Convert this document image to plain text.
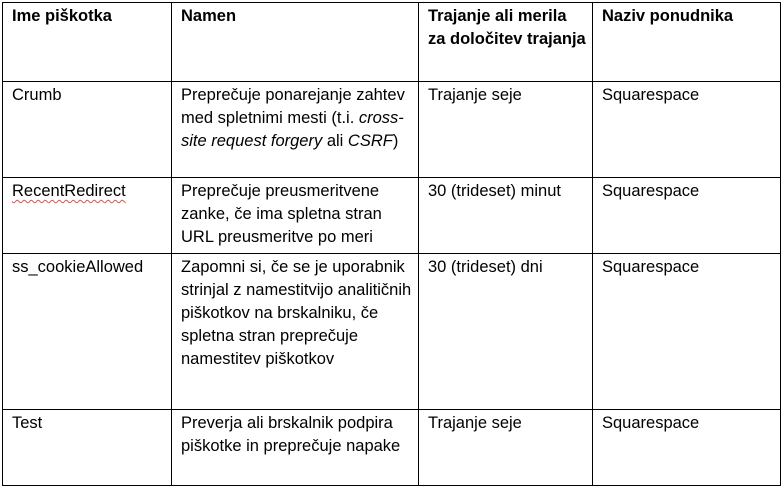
Ime piškotka	Namen	Trajanje ali merila za določitev trajanja	Naziv ponudnika
Crumb	Preprečuje ponarejanje zahtev med spletnimi mesti (t.i. cross-site request forgery ali CSRF)	Trajanje seje	Squarespace
RecentRedirect	Preprečuje preusmeritvene zanke, če ima spletna stran URL preusmeritve po meri	30 (trideset) minut	Squarespace
ss_cookieAllowed	Zapomni si, če se je uporabnik strinjal z namestitvijo analitičnih piškotkov na brskalniku, če spletna stran preprečuje namestitev piškotkov	30 (trideset) dni	Squarespace
Test	Preverja ali brskalnik podpira piškotke in preprečuje napake	Trajanje seje	Squarespace
